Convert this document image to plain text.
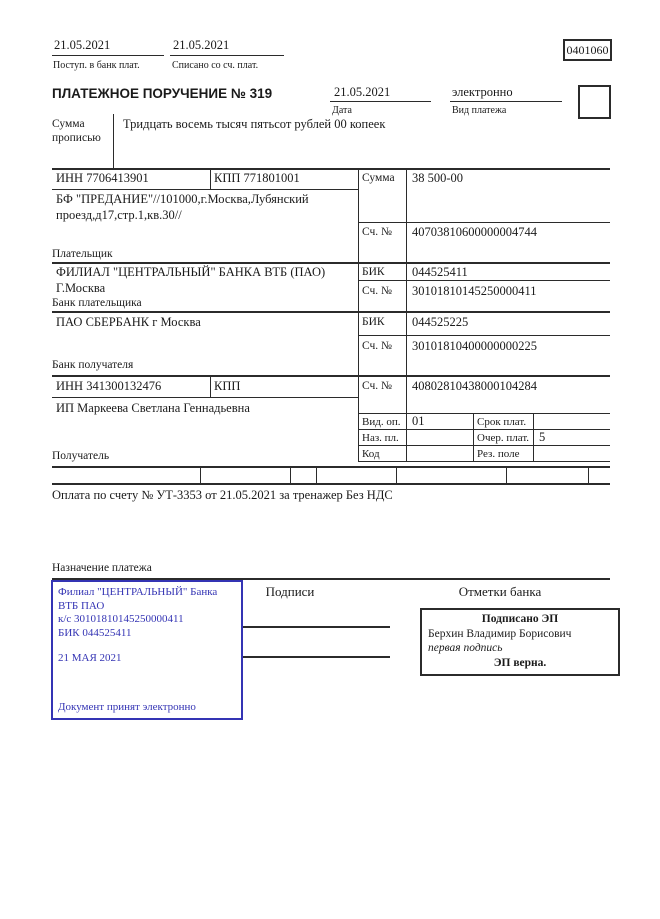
21.05.2021
Поступ. в банк плат.
21.05.2021
Списано со сч. плат.
0401060
ПЛАТЕЖНОЕ ПОРУЧЕНИЕ № 319	21.05.2021
Дата
электронно
Вид платежа
Сумма
прописью
Тридцать восемь тысяч пятьсот рублей 00 копеек
ИНН 7706413901	КПП 771801001	Сумма 38 500-00
БФ "ПРЕДАНИЕ"//101000,г.Москва,Лубянский проезд,д17,стр.1,кв.30//
Сч. № 40703810600000004744
Плательщик
ФИЛИАЛ "ЦЕНТРАЛЬНЫЙ" БАНКА ВТБ (ПАО)
Г.Москва
БИК 044525411
Сч. № 30101810145250000411
Банк плательщика
ПАО СБЕРБАНК г Москва	БИК 044525225
Сч. № 30101810400000000225
Банк получателя
ИНН 341300132476	КПП	Сч. № 40802810438000104284
ИП Маркеева Светлана Геннадьевна
Вид. оп. 01	Срок плат.
Наз. пл.	Очер. плат. 5
Код	Рез. поле
Получатель
Оплата по счету № УТ-3353 от 21.05.2021 за тренажер Без НДС
Назначение платежа
Подписи	Отметки банка
Филиал "ЦЕНТРАЛЬНЫЙ" Банка
ВТБ ПАО
к/с 30101810145250000411
БИК 044525411
21 МАЯ 2021
Документ принят электронно
Подписано ЭП
Берхин Владимир Борисович
первая подпись
ЭП верна.
